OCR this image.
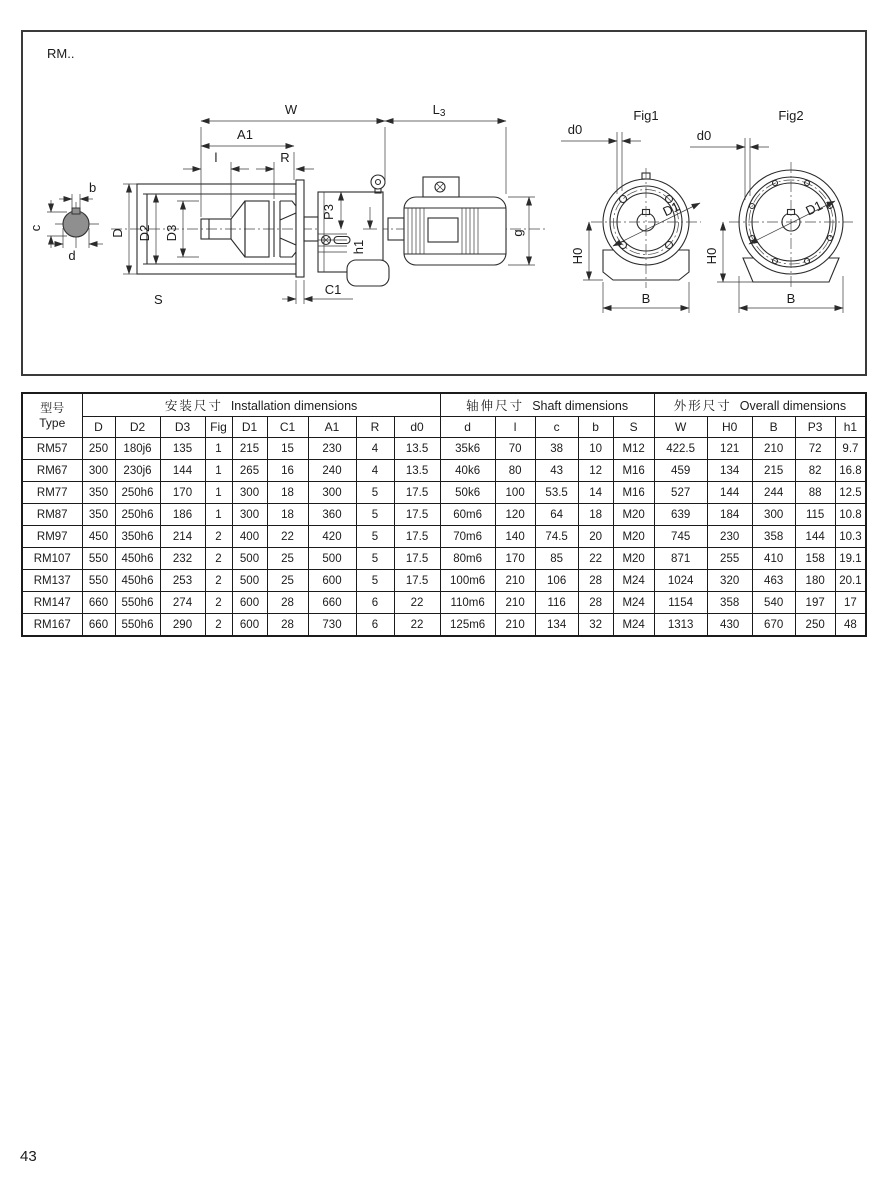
RM..
b
c
d
W	L3
A1
l	R
D D2 D3
P3
h1
g
C1
S
Fig1
D1
d0
H0
B
Fig2
D1
d0
H0
B
型号
Type	安装尺寸 Installation dimensions									轴伸尺寸 Shaft dimensions					外形尺寸 Overall dimensions				
	D	D2	D3	Fig	D1	C1	A1	R	d0	d	l	c	b	S	W	H0	B	P3	h1
RM57	250	180j6	135	1	215	15	230	4	13.5	35k6	70	38	10	M12	422.5	121	210	72	9.7
RM67	300	230j6	144	1	265	16	240	4	13.5	40k6	80	43	12	M16	459	134	215	82	16.8
RM77	350	250h6	170	1	300	18	300	5	17.5	50k6	100	53.5	14	M16	527	144	244	88	12.5
RM87	350	250h6	186	1	300	18	360	5	17.5	60m6	120	64	18	M20	639	184	300	115	10.8
RM97	450	350h6	214	2	400	22	420	5	17.5	70m6	140	74.5	20	M20	745	230	358	144	10.3
RM107	550	450h6	232	2	500	25	500	5	17.5	80m6	170	85	22	M20	871	255	410	158	19.1
RM137	550	450h6	253	2	500	25	600	5	17.5	100m6	210	106	28	M24	1024	320	463	180	20.1
RM147	660	550h6	274	2	600	28	660	6	22	110m6	210	116	28	M24	1154	358	540	197	17
RM167	660	550h6	290	2	600	28	730	6	22	125m6	210	134	32	M24	1313	430	670	250	48
43
